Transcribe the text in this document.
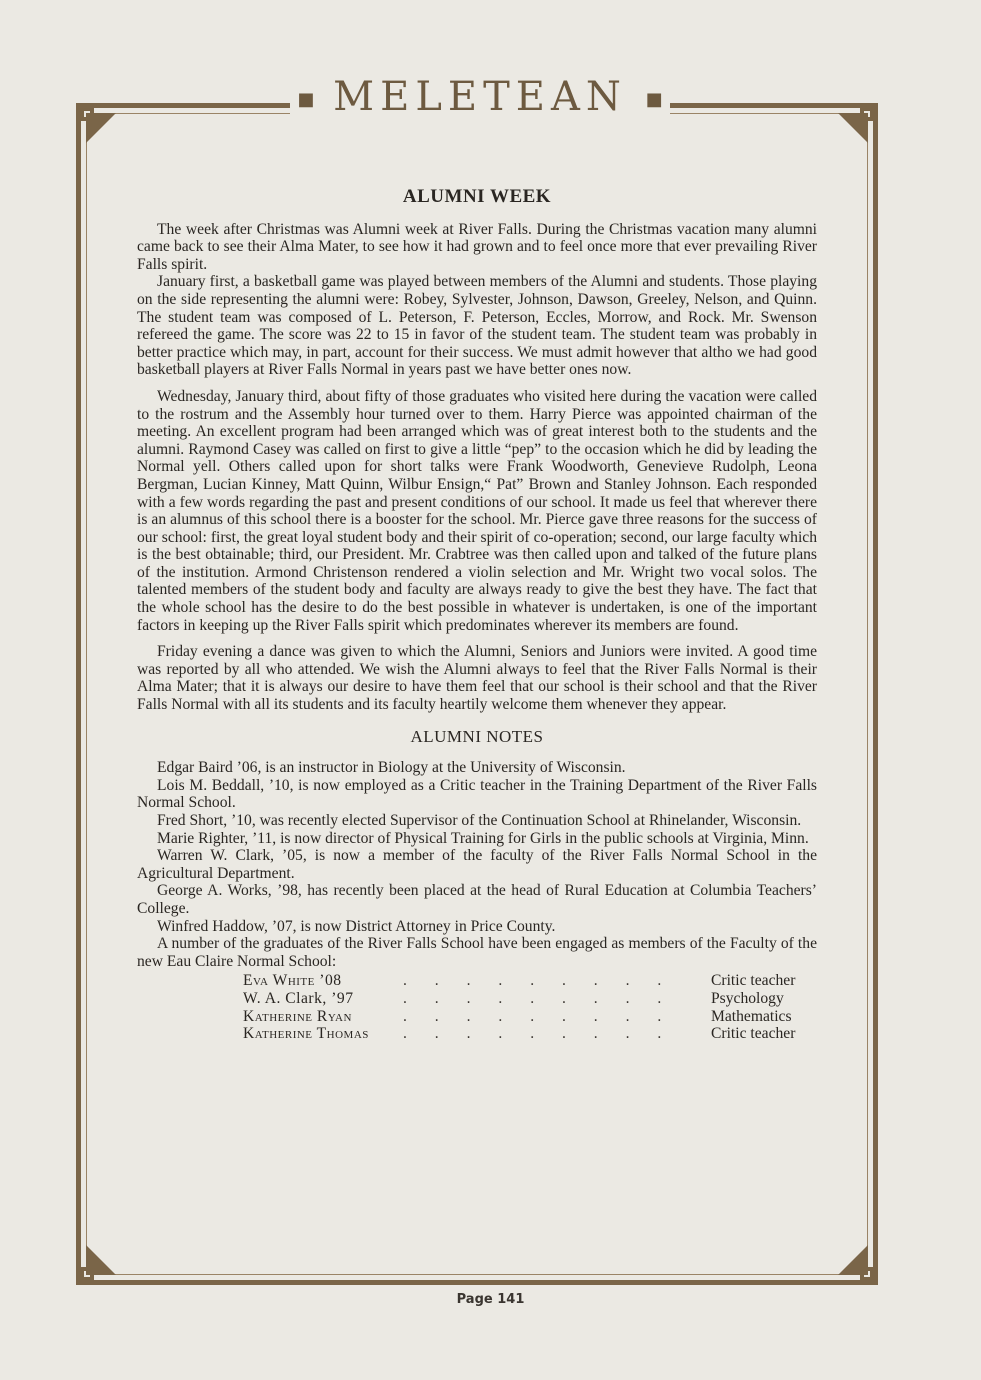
■ MELETEAN ■
ALUMNI WEEK

The week after Christmas was Alumni week at River Falls. During the Christmas vacation many alumni came back to see their Alma Mater, to see how it had grown and to feel once more that ever prevailing River Falls spirit.

January first, a basketball game was played between members of the Alumni and students. Those playing on the side representing the alumni were: Robey, Sylvester, Johnson, Dawson, Greeley, Nelson, and Quinn. The student team was composed of L. Peterson, F. Peterson, Eccles, Morrow, and Rock. Mr. Swenson refereed the game. The score was 22 to 15 in favor of the student team. The student team was probably in better practice which may, in part, account for their success. We must admit however that altho we had good basketball players at River Falls Normal in years past we have better ones now.

Wednesday, January third, about fifty of those graduates who visited here during the vacation were called to the rostrum and the Assembly hour turned over to them. Harry Pierce was appointed chairman of the meeting. An excellent program had been arranged which was of great interest both to the students and the alumni. Raymond Casey was called on first to give a little “pep” to the occasion which he did by leading the Normal yell. Others called upon for short talks were Frank Woodworth, Genevieve Rudolph, Leona Bergman, Lucian Kinney, Matt Quinn, Wilbur Ensign,“ Pat” Brown and Stanley Johnson. Each responded with a few words regarding the past and present conditions of our school. It made us feel that wherever there is an alumnus of this school there is a booster for the school. Mr. Pierce gave three reasons for the success of our school: first, the great loyal student body and their spirit of co-operation; second, our large faculty which is the best obtainable; third, our President. Mr. Crabtree was then called upon and talked of the future plans of the institution. Armond Christenson rendered a violin selection and Mr. Wright two vocal solos. The talented members of the student body and faculty are always ready to give the best they have. The fact that the whole school has the desire to do the best possible in whatever is undertaken, is one of the important factors in keeping up the River Falls spirit which predominates wherever its members are found.

Friday evening a dance was given to which the Alumni, Seniors and Juniors were invited. A good time was reported by all who attended. We wish the Alumni always to feel that the River Falls Normal is their Alma Mater; that it is always our desire to have them feel that our school is their school and that the River Falls Normal with all its students and its faculty heartily welcome them whenever they appear.

ALUMNI NOTES

Edgar Baird ’06, is an instructor in Biology at the University of Wisconsin.

Lois M. Beddall, ’10, is now employed as a Critic teacher in the Training Department of the River Falls Normal School.

Fred Short, ’10, was recently elected Supervisor of the Continuation School at Rhinelander, Wisconsin.

Marie Righter, ’11, is now director of Physical Training for Girls in the public schools at Virginia, Minn.

Warren W. Clark, ’05, is now a member of the faculty of the River Falls Normal School in the Agricultural Department.

George A. Works, ’98, has recently been placed at the head of Rural Education at Columbia Teachers’ College.

Winfred Haddow, ’07, is now District Attorney in Price County.

A number of the graduates of the River Falls School have been engaged as members of the Faculty of the new Eau Claire Normal School:

Eva White ’08	. . . . . . . . .	Critic teacher
W. A. Clark, ’97	. . . . . . . . .	Psychology
Katherine Ryan	. . . . . . . . .	Mathematics
Katherine Thomas	. . . . . . . . .	Critic teacher
Page 141
